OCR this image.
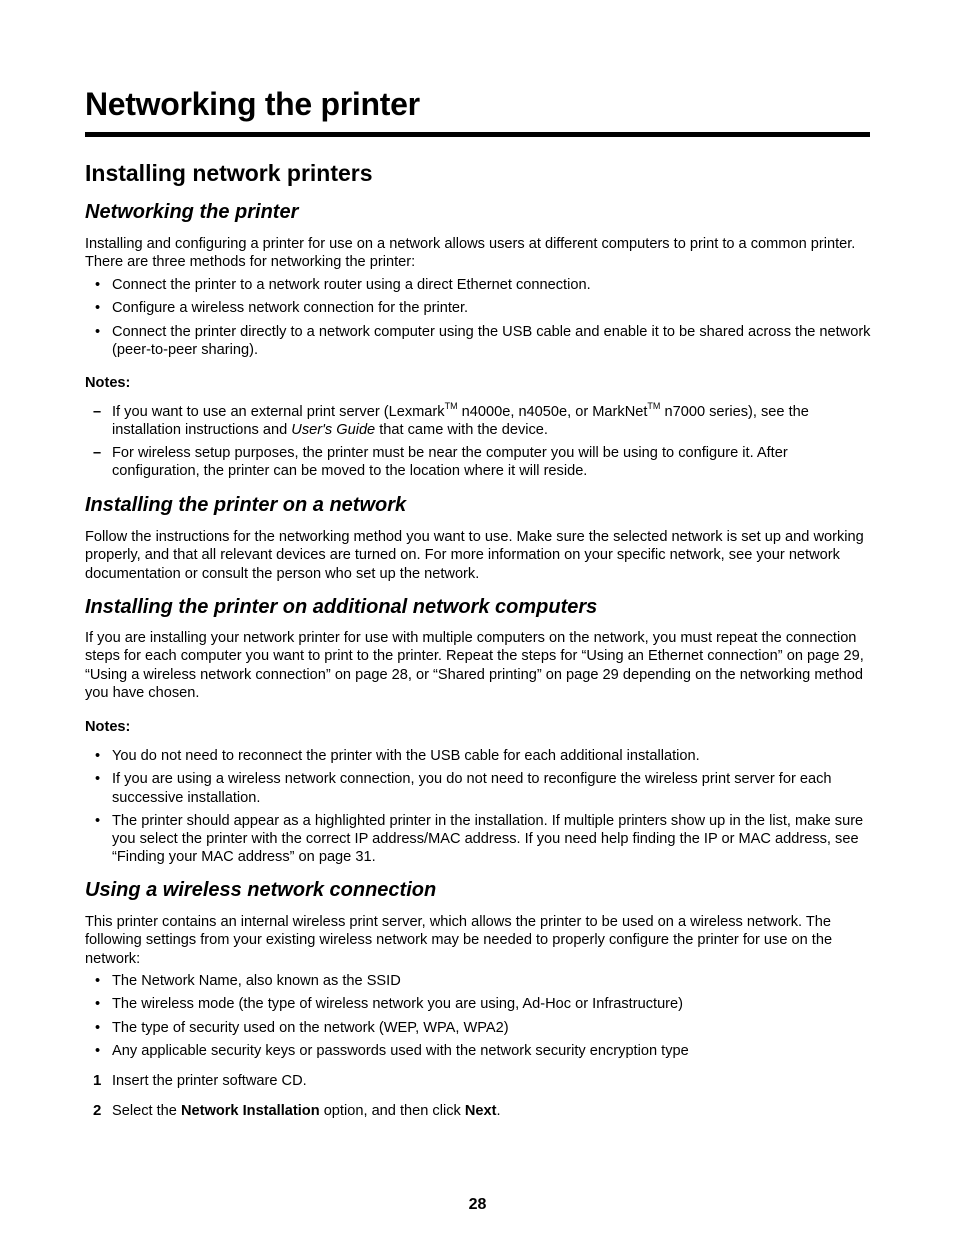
Networking the printer
Installing network printers
Networking the printer

Installing and configuring a printer for use on a network allows users at different computers to print to a common printer. There are three methods for networking the printer:

• Connect the printer to a network router using a direct Ethernet connection.
• Configure a wireless network connection for the printer.
• Connect the printer directly to a network computer using the USB cable and enable it to be shared across the network (peer-to-peer sharing).

Notes:

– If you want to use an external print server (Lexmark™ n4000e, n4050e, or MarkNet™ n7000 series), see the installation instructions and User's Guide that came with the device.
– For wireless setup purposes, the printer must be near the computer you will be using to configure it. After configuration, the printer can be moved to the location where it will reside.
Installing the printer on a network

Follow the instructions for the networking method you want to use. Make sure the selected network is set up and working properly, and that all relevant devices are turned on. For more information on your specific network, see your network documentation or consult the person who set up the network.

Installing the printer on additional network computers

If you are installing your network printer for use with multiple computers on the network, you must repeat the connection steps for each computer you want to print to the printer. Repeat the steps for “Using an Ethernet connection” on page 29, “Using a wireless network connection” on page 28, or “Shared printing” on page 29 depending on the networking method you have chosen.

Notes:

• You do not need to reconnect the printer with the USB cable for each additional installation.
• If you are using a wireless network connection, you do not need to reconfigure the wireless print server for each successive installation.
• The printer should appear as a highlighted printer in the installation. If multiple printers show up in the list, make sure you select the printer with the correct IP address/MAC address. If you need help finding the IP or MAC address, see “Finding your MAC address” on page 31.
Using a wireless network connection

This printer contains an internal wireless print server, which allows the printer to be used on a wireless network. The following settings from your existing wireless network may be needed to properly configure the printer for use on the network:

• The Network Name, also known as the SSID
• The wireless mode (the type of wireless network you are using, Ad-Hoc or Infrastructure)
• The type of security used on the network (WEP, WPA, WPA2)
• Any applicable security keys or passwords used with the network security encryption type
1 Insert the printer software CD.
2 Select the Network Installation option, and then click Next.
28
